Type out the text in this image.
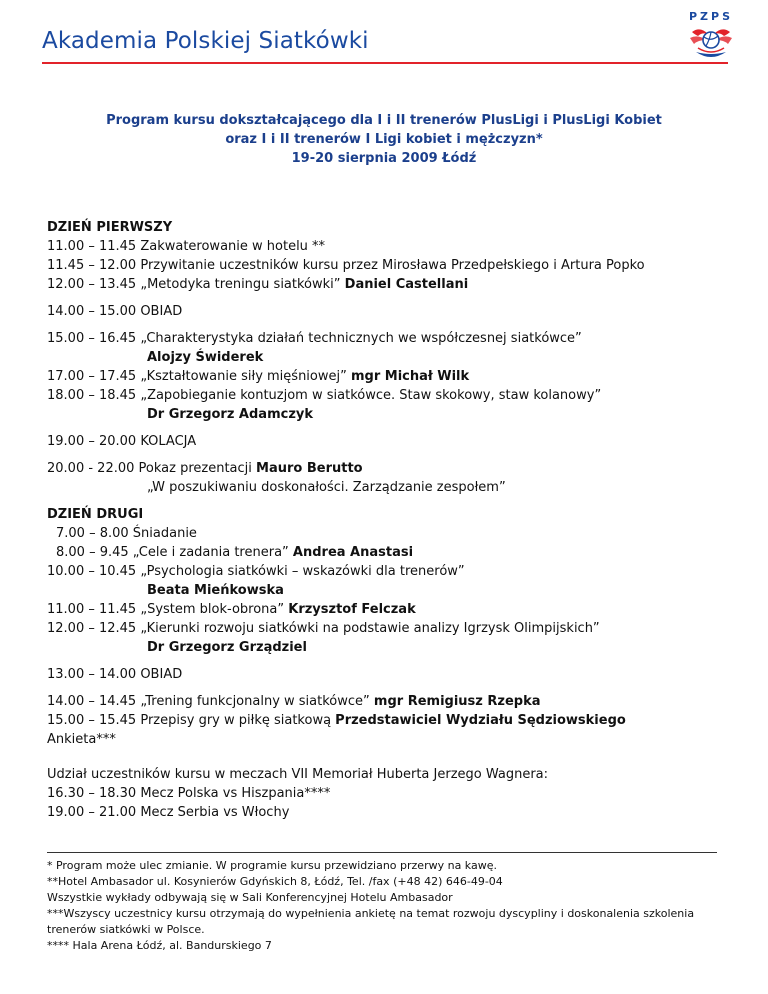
Akademia Polskiej Siatkówki
PZPS
Program kursu dokształcającego dla I i II trenerów PlusLigi i PlusLigi Kobiet
oraz I i II trenerów I Ligi kobiet i mężczyzn*
19-20 sierpnia 2009 Łódź
DZIEŃ PIERWSZY
11.00 – 11.45 Zakwaterowanie w hotelu **
11.45 – 12.00 Przywitanie uczestników kursu przez Mirosława Przedpełskiego i Artura Popko
12.00 – 13.45 „Metodyka treningu siatkówki” Daniel Castellani
14.00 – 15.00 OBIAD
15.00 – 16.45 „Charakterystyka działań technicznych we współczesnej siatkówce”
Alojzy Świderek
17.00 – 17.45 „Kształtowanie siły mięśniowej” mgr Michał Wilk
18.00 – 18.45 „Zapobieganie kontuzjom w siatkówce. Staw skokowy, staw kolanowy”
Dr Grzegorz Adamczyk
19.00 – 20.00 KOLACJA
20.00 - 22.00 Pokaz prezentacji Mauro Berutto
„W poszukiwaniu doskonałości. Zarządzanie zespołem”
DZIEŃ DRUGI
7.00 – 8.00 Śniadanie
8.00 – 9.45 „Cele i zadania trenera” Andrea Anastasi
10.00 – 10.45 „Psychologia siatkówki – wskazówki dla trenerów”
Beata Mieńkowska
11.00 – 11.45 „System blok-obrona” Krzysztof Felczak
12.00 – 12.45 „Kierunki rozwoju siatkówki na podstawie analizy Igrzysk Olimpijskich”
Dr Grzegorz Grządziel
13.00 – 14.00 OBIAD
14.00 – 14.45 „Trening funkcjonalny w siatkówce” mgr Remigiusz Rzepka
15.00 – 15.45 Przepisy gry w piłkę siatkową Przedstawiciel Wydziału Sędziowskiego
Ankieta***
Udział uczestników kursu w meczach VII Memoriał Huberta Jerzego Wagnera:
16.30 – 18.30 Mecz Polska vs Hiszpania****
19.00 – 21.00 Mecz Serbia vs Włochy
* Program może ulec zmianie. W programie kursu przewidziano przerwy na kawę.
**Hotel Ambasador ul. Kosynierów Gdyńskich 8, Łódź, Tel. /fax (+48 42) 646-49-04
Wszystkie wykłady odbywają się w Sali Konferencyjnej Hotelu Ambasador
***Wszyscy uczestnicy kursu otrzymają do wypełnienia ankietę na temat rozwoju dyscypliny i doskonalenia szkolenia
trenerów siatkówki w Polsce.
**** Hala Arena Łódź, al. Bandurskiego 7
